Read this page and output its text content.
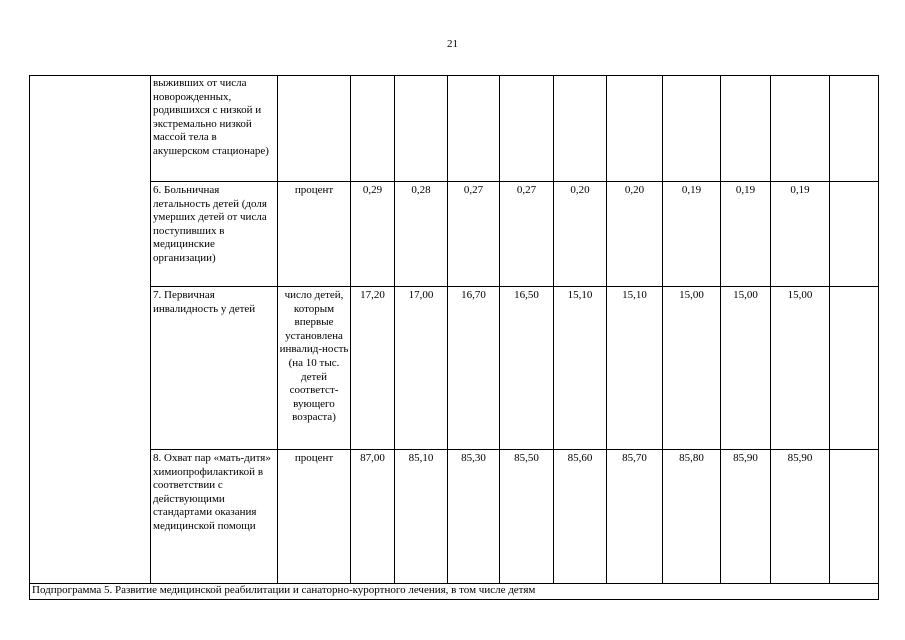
21
	выживших от числа новорожденных, родившихся с низкой и экстремально низкой массой тела в акушерском стационаре)											
	6. Больничная летальность детей (доля умерших детей от числа поступивших в медицинские организации)	процент	0,29	0,28	0,27	0,27	0,20	0,20	0,19	0,19	0,19	
	7. Первичная инвалидность у детей	число детей, которым впервые установлена инвалид-ность (на 10 тыс. детей соответст-вующего возраста)	17,20	17,00	16,70	16,50	15,10	15,10	15,00	15,00	15,00	
	8. Охват пар «мать-дитя» химиопрофилактикой в соответствии с действующими стандартами оказания медицинской помощи	процент	87,00	85,10	85,30	85,50	85,60	85,70	85,80	85,90	85,90	
Подпрограмма 5. Развитие медицинской реабилитации и санаторно-курортного лечения, в том числе детям												
